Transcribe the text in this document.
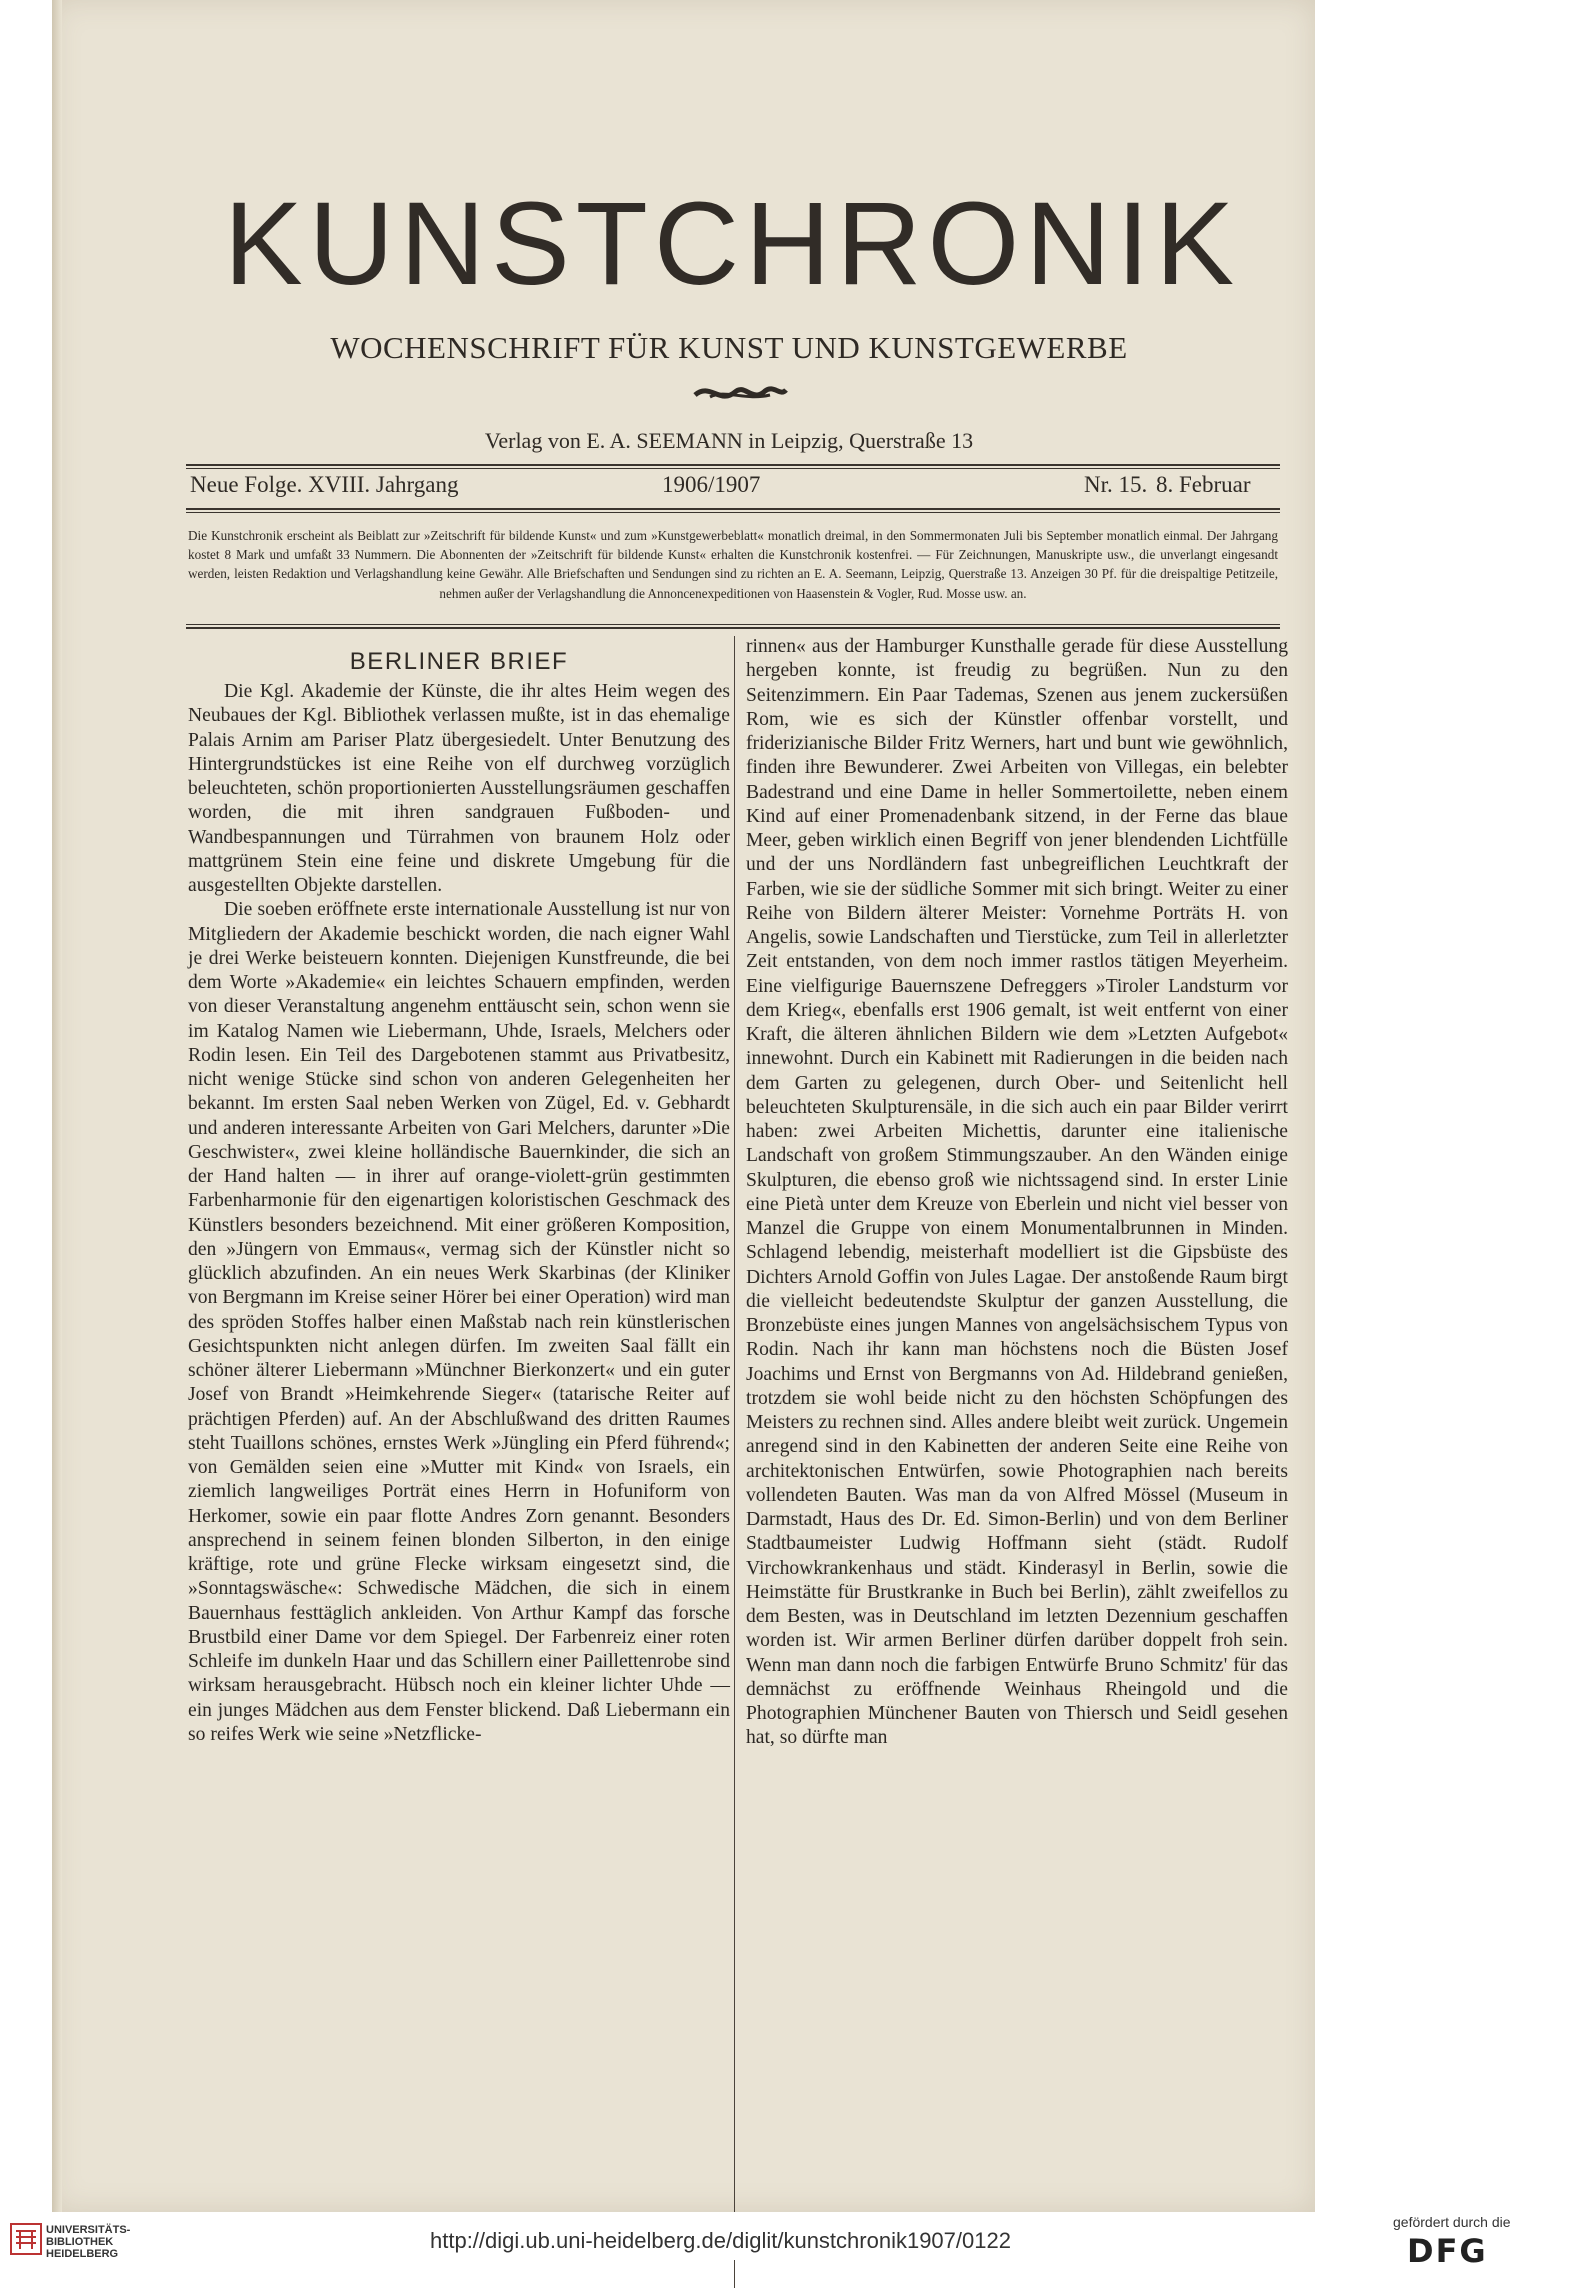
KUNSTCHRONIK
WOCHENSCHRIFT FÜR KUNST UND KUNSTGEWERBE
Verlag von E. A. SEEMANN in Leipzig, Querstraße 13
Neue Folge. XVIII. Jahrgang	1906/1907	Nr. 15. 8. Februar
Die Kunstchronik erscheint als Beiblatt zur »Zeitschrift für bildende Kunst« und zum »Kunstgewerbeblatt« monatlich dreimal, in den Sommermonaten Juli bis September monatlich einmal. Der Jahrgang kostet 8 Mark und umfaßt 33 Nummern. Die Abonnenten der »Zeitschrift für bildende Kunst« erhalten die Kunstchronik kostenfrei. — Für Zeichnungen, Manuskripte usw., die unverlangt eingesandt werden, leisten Redaktion und Verlagshandlung keine Gewähr. Alle Briefschaften und Sendungen sind zu richten an E. A. Seemann, Leipzig, Querstraße 13. Anzeigen 30 Pf. für die dreispaltige Petitzeile, nehmen außer der Verlagshandlung die Annoncenexpeditionen von Haasenstein & Vogler, Rud. Mosse usw. an.
BERLINER BRIEF

Die Kgl. Akademie der Künste, die ihr altes Heim wegen des Neubaues der Kgl. Bibliothek verlassen mußte, ist in das ehemalige Palais Arnim am Pariser Platz übergesiedelt. Unter Benutzung des Hintergrundstückes ist eine Reihe von elf durchweg vorzüglich beleuchteten, schön proportionierten Ausstellungsräumen geschaffen worden, die mit ihren sandgrauen Fußboden- und Wandbespannungen und Türrahmen von braunem Holz oder mattgrünem Stein eine feine und diskrete Umgebung für die ausgestellten Objekte darstellen.

Die soeben eröffnete erste internationale Ausstellung ist nur von Mitgliedern der Akademie beschickt worden, die nach eigner Wahl je drei Werke beisteuern konnten. Diejenigen Kunstfreunde, die bei dem Worte »Akademie« ein leichtes Schauern empfinden, werden von dieser Veranstaltung angenehm enttäuscht sein, schon wenn sie im Katalog Namen wie Liebermann, Uhde, Israels, Melchers oder Rodin lesen. Ein Teil des Dargebotenen stammt aus Privatbesitz, nicht wenige Stücke sind schon von anderen Gelegenheiten her bekannt. Im ersten Saal neben Werken von Zügel, Ed. v. Gebhardt und anderen interessante Arbeiten von Gari Melchers, darunter »Die Geschwister«, zwei kleine holländische Bauernkinder, die sich an der Hand halten — in ihrer auf orange-violett-grün gestimmten Farbenharmonie für den eigenartigen koloristischen Geschmack des Künstlers besonders bezeichnend. Mit einer größeren Komposition, den »Jüngern von Emmaus«, vermag sich der Künstler nicht so glücklich abzufinden. An ein neues Werk Skarbinas (der Kliniker von Bergmann im Kreise seiner Hörer bei einer Operation) wird man des spröden Stoffes halber einen Maßstab nach rein künstlerischen Gesichtspunkten nicht anlegen dürfen. Im zweiten Saal fällt ein schöner älterer Liebermann »Münchner Bierkonzert« und ein guter Josef von Brandt »Heimkehrende Sieger« (tatarische Reiter auf prächtigen Pferden) auf. An der Abschlußwand des dritten Raumes steht Tuaillons schönes, ernstes Werk »Jüngling ein Pferd führend«; von Gemälden seien eine »Mutter mit Kind« von Israels, ein ziemlich langweiliges Porträt eines Herrn in Hofuniform von Herkomer, sowie ein paar flotte Andres Zorn genannt. Besonders ansprechend in seinem feinen blonden Silberton, in den einige kräftige, rote und grüne Flecke wirksam eingesetzt sind, die »Sonntagswäsche«: Schwedische Mädchen, die sich in einem Bauernhaus festtäglich ankleiden. Von Arthur Kampf das forsche Brustbild einer Dame vor dem Spiegel. Der Farbenreiz einer roten Schleife im dunkeln Haar und das Schillern einer Paillettenrobe sind wirksam herausgebracht. Hübsch noch ein kleiner lichter Uhde — ein junges Mädchen aus dem Fenster blickend. Daß Liebermann ein so reifes Werk wie seine »Netzflicke-

rinnen« aus der Hamburger Kunsthalle gerade für diese Ausstellung hergeben konnte, ist freudig zu begrüßen. Nun zu den Seitenzimmern. Ein Paar Tademas, Szenen aus jenem zuckersüßen Rom, wie es sich der Künstler offenbar vorstellt, und friderizianische Bilder Fritz Werners, hart und bunt wie gewöhnlich, finden ihre Bewunderer. Zwei Arbeiten von Villegas, ein belebter Badestrand und eine Dame in heller Sommertoilette, neben einem Kind auf einer Promenadenbank sitzend, in der Ferne das blaue Meer, geben wirklich einen Begriff von jener blendenden Lichtfülle und der uns Nordländern fast unbegreiflichen Leuchtkraft der Farben, wie sie der südliche Sommer mit sich bringt. Weiter zu einer Reihe von Bildern älterer Meister: Vornehme Porträts H. von Angelis, sowie Landschaften und Tierstücke, zum Teil in allerletzter Zeit entstanden, von dem noch immer rastlos tätigen Meyerheim. Eine vielfigurige Bauernszene Defreggers »Tiroler Landsturm vor dem Krieg«, ebenfalls erst 1906 gemalt, ist weit entfernt von einer Kraft, die älteren ähnlichen Bildern wie dem »Letzten Aufgebot« innewohnt. Durch ein Kabinett mit Radierungen in die beiden nach dem Garten zu gelegenen, durch Ober- und Seitenlicht hell beleuchteten Skulpturensäle, in die sich auch ein paar Bilder verirrt haben: zwei Arbeiten Michettis, darunter eine italienische Landschaft von großem Stimmungszauber. An den Wänden einige Skulpturen, die ebenso groß wie nichtssagend sind. In erster Linie eine Pietà unter dem Kreuze von Eberlein und nicht viel besser von Manzel die Gruppe von einem Monumentalbrunnen in Minden. Schlagend lebendig, meisterhaft modelliert ist die Gipsbüste des Dichters Arnold Goffin von Jules Lagae. Der anstoßende Raum birgt die vielleicht bedeutendste Skulptur der ganzen Ausstellung, die Bronzebüste eines jungen Mannes von angelsächsischem Typus von Rodin. Nach ihr kann man höchstens noch die Büsten Josef Joachims und Ernst von Bergmanns von Ad. Hildebrand genießen, trotzdem sie wohl beide nicht zu den höchsten Schöpfungen des Meisters zu rechnen sind. Alles andere bleibt weit zurück. Ungemein anregend sind in den Kabinetten der anderen Seite eine Reihe von architektonischen Entwürfen, sowie Photographien nach bereits vollendeten Bauten. Was man da von Alfred Mössel (Museum in Darmstadt, Haus des Dr. Ed. Simon-Berlin) und von dem Berliner Stadtbaumeister Ludwig Hoffmann sieht (städt. Rudolf Virchowkrankenhaus und städt. Kinderasyl in Berlin, sowie die Heimstätte für Brustkranke in Buch bei Berlin), zählt zweifellos zu dem Besten, was in Deutschland im letzten Dezennium geschaffen worden ist. Wir armen Berliner dürfen darüber doppelt froh sein. Wenn man dann noch die farbigen Entwürfe Bruno Schmitz' für das demnächst zu eröffnende Weinhaus Rheingold und die Photographien Münchener Bauten von Thiersch und Seidl gesehen hat, so dürfte man

UNIVERSITÄTS-
BIBLIOTHEK
HEIDELBERG
http://digi.ub.uni-heidelberg.de/diglit/kunstchronik1907/0122
gefördert durch die
DFG
